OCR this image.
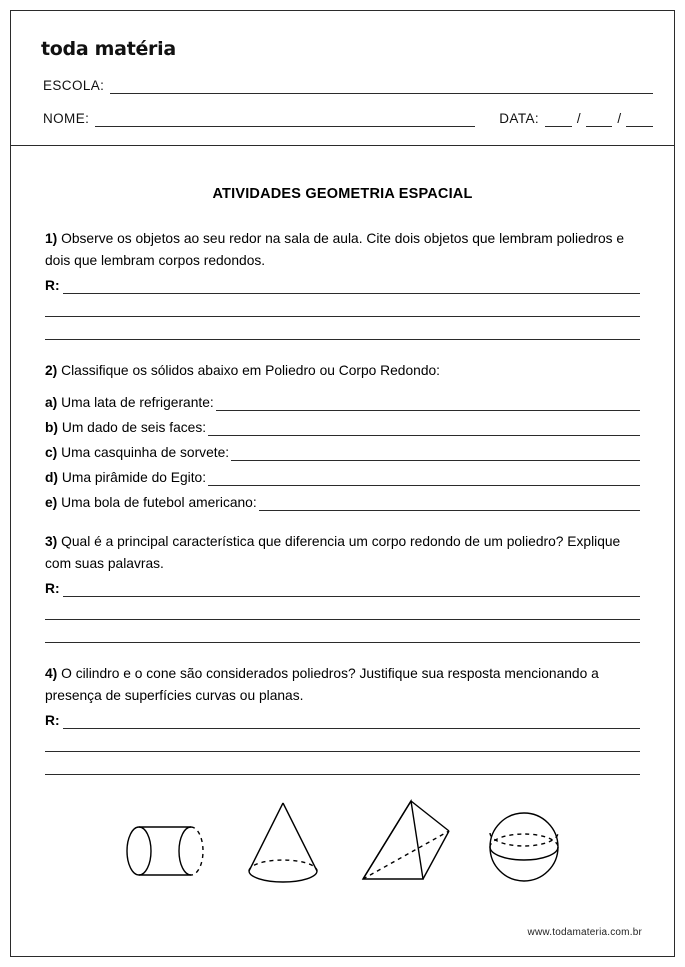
toda matéria
ESCOLA:
NOME:	DATA:	/	/
ATIVIDADES GEOMETRIA ESPACIAL
1) Observe os objetos ao seu redor na sala de aula. Cite dois objetos que lembram poliedros e dois que lembram corpos redondos.
R:
2) Classifique os sólidos abaixo em Poliedro ou Corpo Redondo:
a) Uma lata de refrigerante:
b) Um dado de seis faces:
c) Uma casquinha de sorvete:
d) Uma pirâmide do Egito:
e) Uma bola de futebol americano:
3) Qual é a principal característica que diferencia um corpo redondo de um poliedro? Explique com suas palavras.
R:
4) O cilindro e o cone são considerados poliedros? Justifique sua resposta mencionando a presença de superfícies curvas ou planas.
R:
www.todamateria.com.br
